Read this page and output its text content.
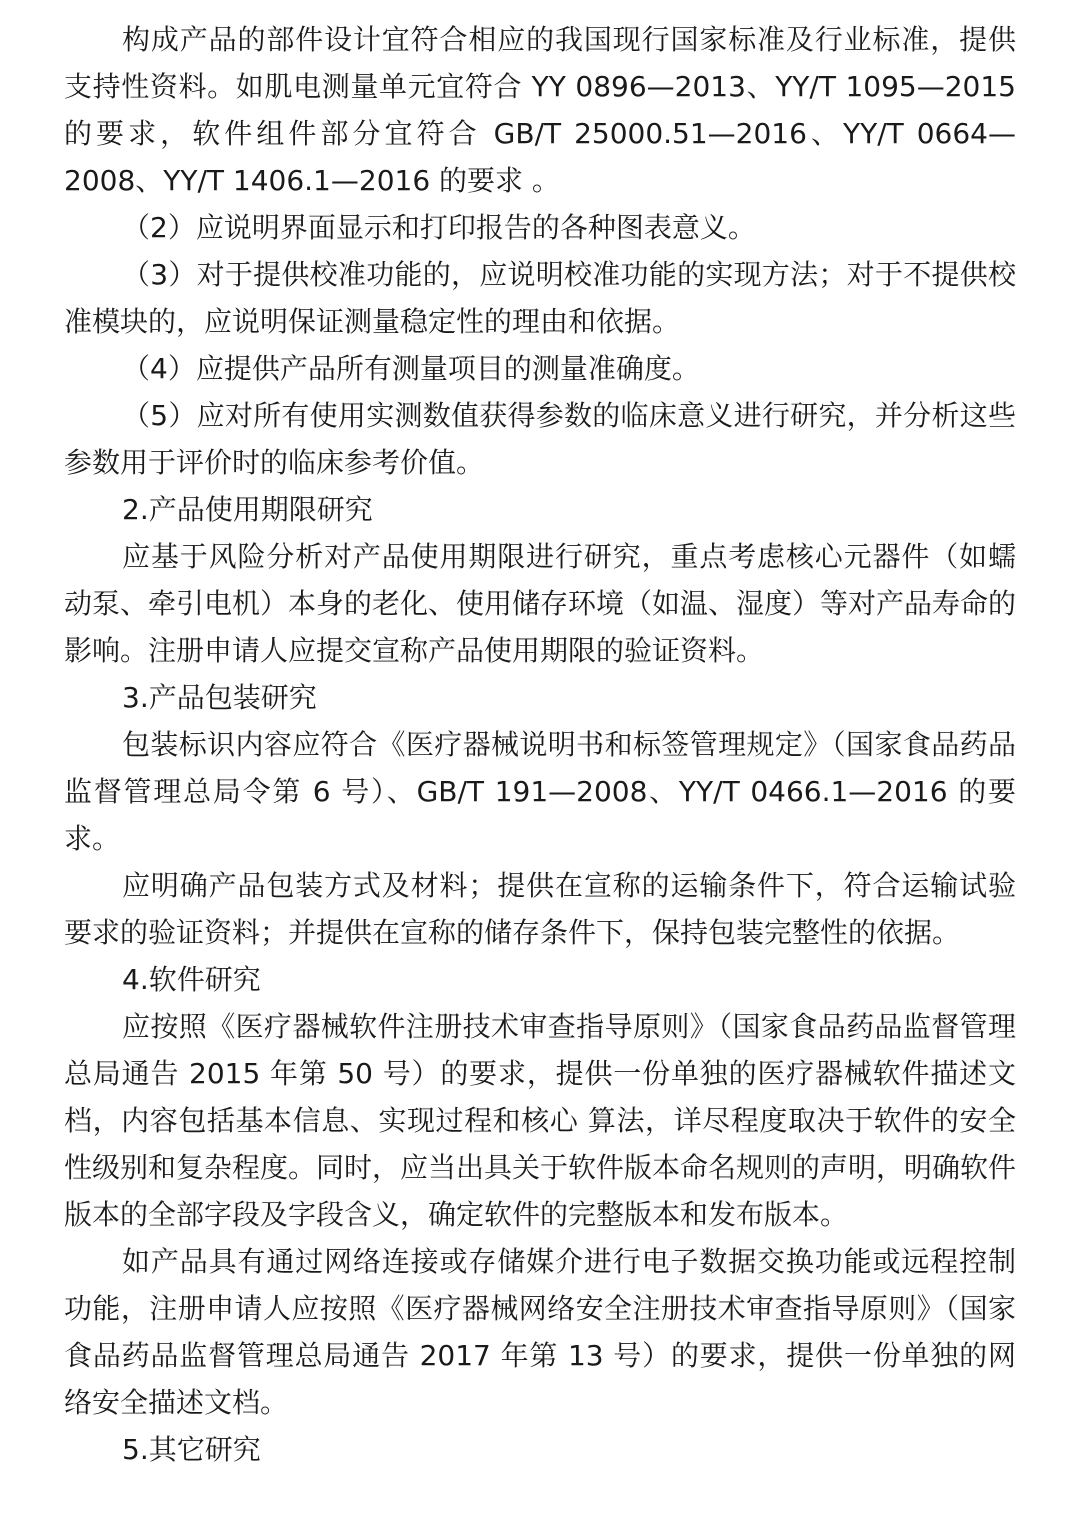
构成产品的部件设计宜符合相应的我国现行国家标准及行业标准，提供支持性资料。如肌电测量单元宜符合 YY 0896—2013、YY/T 1095—2015的要求，软件组件部分宜符合 GB/T 25000.51—2016、YY/T 0664—2008、YY/T 1406.1—2016 的要求 。

（2）应说明界面显示和打印报告的各种图表意义。

（3）对于提供校准功能的，应说明校准功能的实现方法；对于不提供校准模块的，应说明保证测量稳定性的理由和依据。

（4）应提供产品所有测量项目的测量准确度。

（5）应对所有使用实测数值获得参数的临床意义进行研究，并分析这些参数用于评价时的临床参考价值。

2.产品使用期限研究

应基于风险分析对产品使用期限进行研究，重点考虑核心元器件（如蠕动泵、牵引电机）本身的老化、使用储存环境（如温、湿度）等对产品寿命的影响。注册申请人应提交宣称产品使用期限的验证资料。

3.产品包装研究

包装标识内容应符合《医疗器械说明书和标签管理规定》（国家食品药品监督管理总局令第 6 号）、GB/T 191—2008、YY/T 0466.1—2016 的要求。

应明确产品包装方式及材料；提供在宣称的运输条件下，符合运输试验要求的验证资料；并提供在宣称的储存条件下，保持包装完整性的依据。

4.软件研究

应按照《医疗器械软件注册技术审查指导原则》（国家食品药品监督管理总局通告 2015 年第 50 号）的要求，提供一份单独的医疗器械软件描述文档，内容包括基本信息、实现过程和核心 算法，详尽程度取决于软件的安全性级别和复杂程度。同时，应当出具关于软件版本命名规则的声明，明确软件版本的全部字段及字段含义，确定软件的完整版本和发布版本。

如产品具有通过网络连接或存储媒介进行电子数据交换功能或远程控制功能，注册申请人应按照《医疗器械网络安全注册技术审查指导原则》（国家食品药品监督管理总局通告 2017 年第 13 号）的要求，提供一份单独的网络安全描述文档。

5.其它研究
